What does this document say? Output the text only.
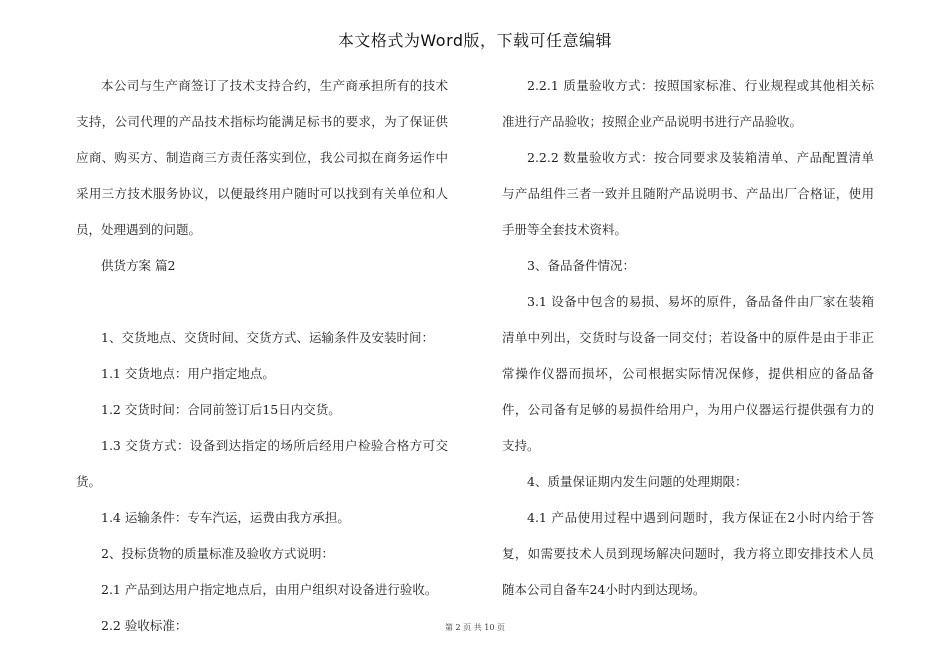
本文格式为Word版，下载可任意编辑

本公司与生产商签订了技术支持合约，生产商承担所有的技术支持，公司代理的产品技术指标均能满足标书的要求，为了保证供应商、购买方、制造商三方责任落实到位，我公司拟在商务运作中采用三方技术服务协议，以便最终用户随时可以找到有关单位和人员，处理遇到的问题。

供货方案 篇2

1、交货地点、交货时间、交货方式、运输条件及安装时间：

1.1 交货地点：用户指定地点。

1.2 交货时间：合同前签订后15日内交货。

1.3 交货方式：设备到达指定的场所后经用户检验合格方可交货。

1.4 运输条件：专车汽运，运费由我方承担。

2、投标货物的质量标准及验收方式说明：

2.1 产品到达用户指定地点后，由用户组织对设备进行验收。

2.2 验收标准：

2.2.1 质量验收方式：按照国家标准、行业规程或其他相关标准进行产品验收；按照企业产品说明书进行产品验收。

2.2.2 数量验收方式：按合同要求及装箱清单、产品配置清单与产品组件三者一致并且随附产品说明书、产品出厂合格证，使用手册等全套技术资料。

3、备品备件情况：

3.1 设备中包含的易损、易坏的原件，备品备件由厂家在装箱清单中列出，交货时与设备一同交付；若设备中的原件是由于非正常操作仪器而损坏，公司根据实际情况保修，提供相应的备品备件，公司备有足够的易损件给用户，为用户仪器运行提供强有力的支持。

4、质量保证期内发生问题的处理期限：

4.1 产品使用过程中遇到问题时，我方保证在2小时内给于答复，如需要技术人员到现场解决问题时，我方将立即安排技术人员随本公司自备车24小时内到达现场。

第 2 页 共 10 页
